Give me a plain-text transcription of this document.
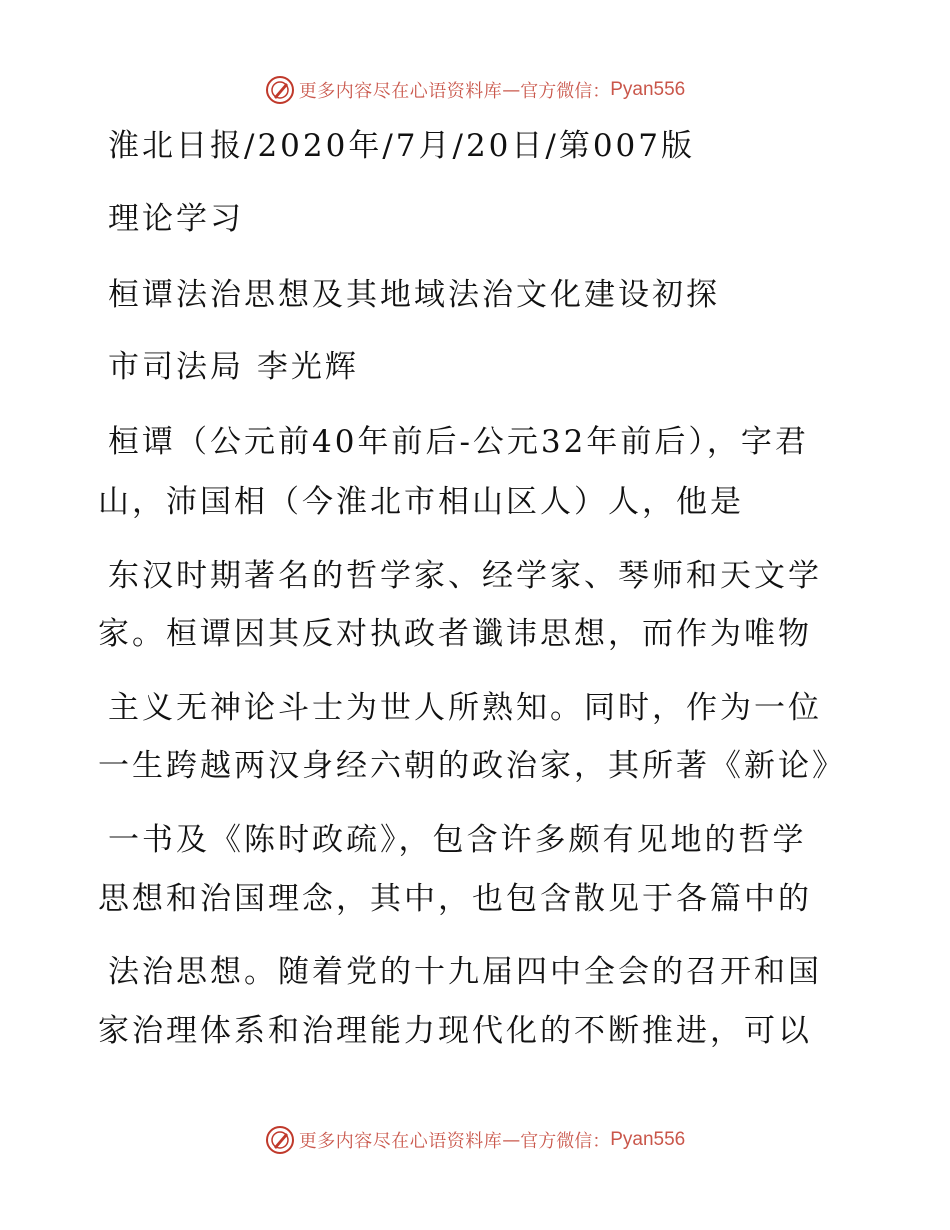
更多内容尽在心语资料库 — 官方微信： Pyan556
淮北日报/2020年/7月/20日/第007版
理论学习
桓谭法治思想及其地域法治文化建设初探
市司法局 李光辉
桓谭（公元前40年前后-公元32年前后），字君
山，沛国相（今淮北市相山区人）人，他是
东汉时期著名的哲学家、经学家、琴师和天文学
家。桓谭因其反对执政者谶讳思想，而作为唯物
主义无神论斗士为世人所熟知。同时，作为一位
一生跨越两汉身经六朝的政治家，其所著《新论》
一书及《陈时政疏》，包含许多颇有见地的哲学
思想和治国理念，其中，也包含散见于各篇中的
法治思想。随着党的十九届四中全会的召开和国
家治理体系和治理能力现代化的不断推进，可以
更多内容尽在心语资料库 — 官方微信： Pyan556
